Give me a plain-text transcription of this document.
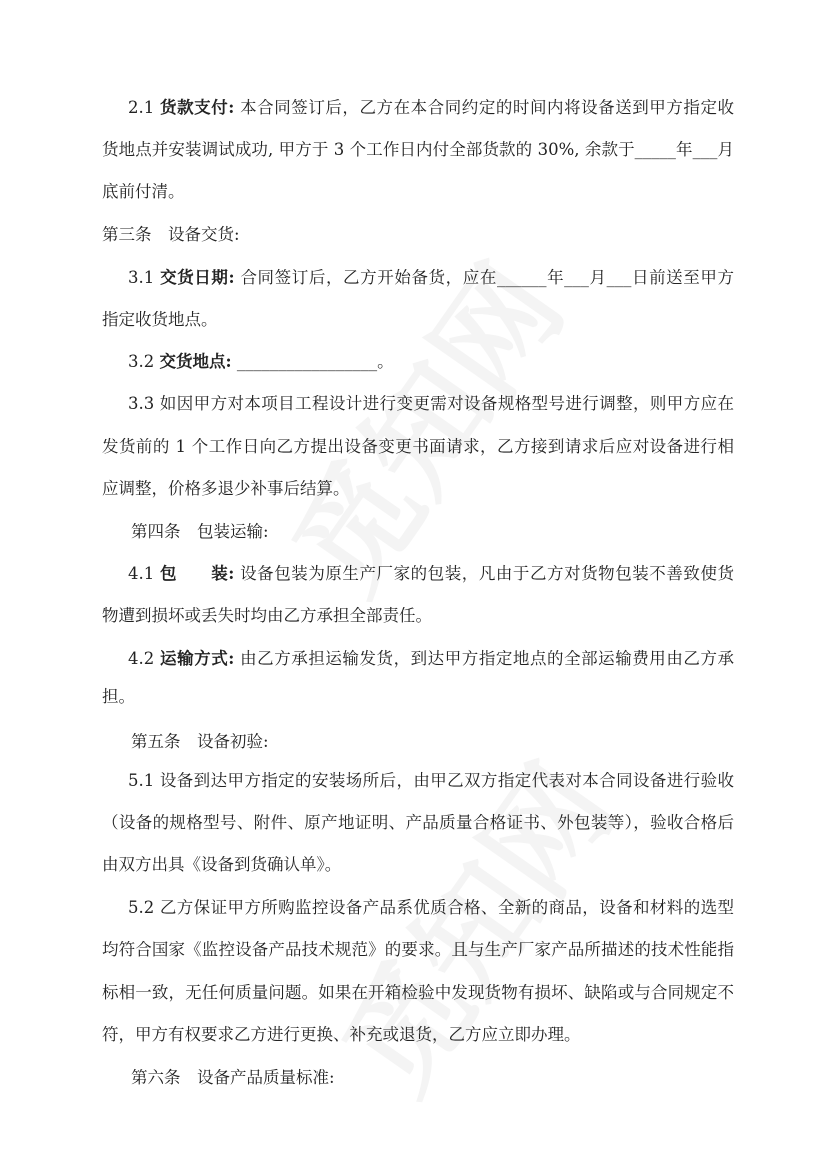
2.1 货款支付: 本合同签订后，乙方在本合同约定的时间内将设备送到甲方指定收
货地点并安装调试成功, 甲方于 3 个工作日内付全部货款的 30%, 余款于_____年___月
底前付清。
第三条　设备交货:
3.1 交货日期: 合同签订后，乙方开始备货，应在______年___月___日前送至甲方
指定收货地点。
3.2 交货地点: _________________。
3.3 如因甲方对本项目工程设计进行变更需对设备规格型号进行调整，则甲方应在
发货前的 1 个工作日向乙方提出设备变更书面请求，乙方接到请求后应对设备进行相
应调整，价格多退少补事后结算。
第四条　包装运输:
4.1 包　　装: 设备包装为原生产厂家的包装，凡由于乙方对货物包装不善致使货
物遭到损坏或丢失时均由乙方承担全部责任。
4.2 运输方式: 由乙方承担运输发货，到达甲方指定地点的全部运输费用由乙方承
担。
第五条　设备初验:
5.1 设备到达甲方指定的安装场所后，由甲乙双方指定代表对本合同设备进行验收
（设备的规格型号、附件、原产地证明、产品质量合格证书、外包装等），验收合格后
由双方出具《设备到货确认单》。
5.2 乙方保证甲方所购监控设备产品系优质合格、全新的商品，设备和材料的选型
均符合国家《监控设备产品技术规范》的要求。且与生产厂家产品所描述的技术性能指
标相一致，无任何质量问题。如果在开箱检验中发现货物有损坏、缺陷或与合同规定不
符，甲方有权要求乙方进行更换、补充或退货，乙方应立即办理。
第六条　设备产品质量标准:
